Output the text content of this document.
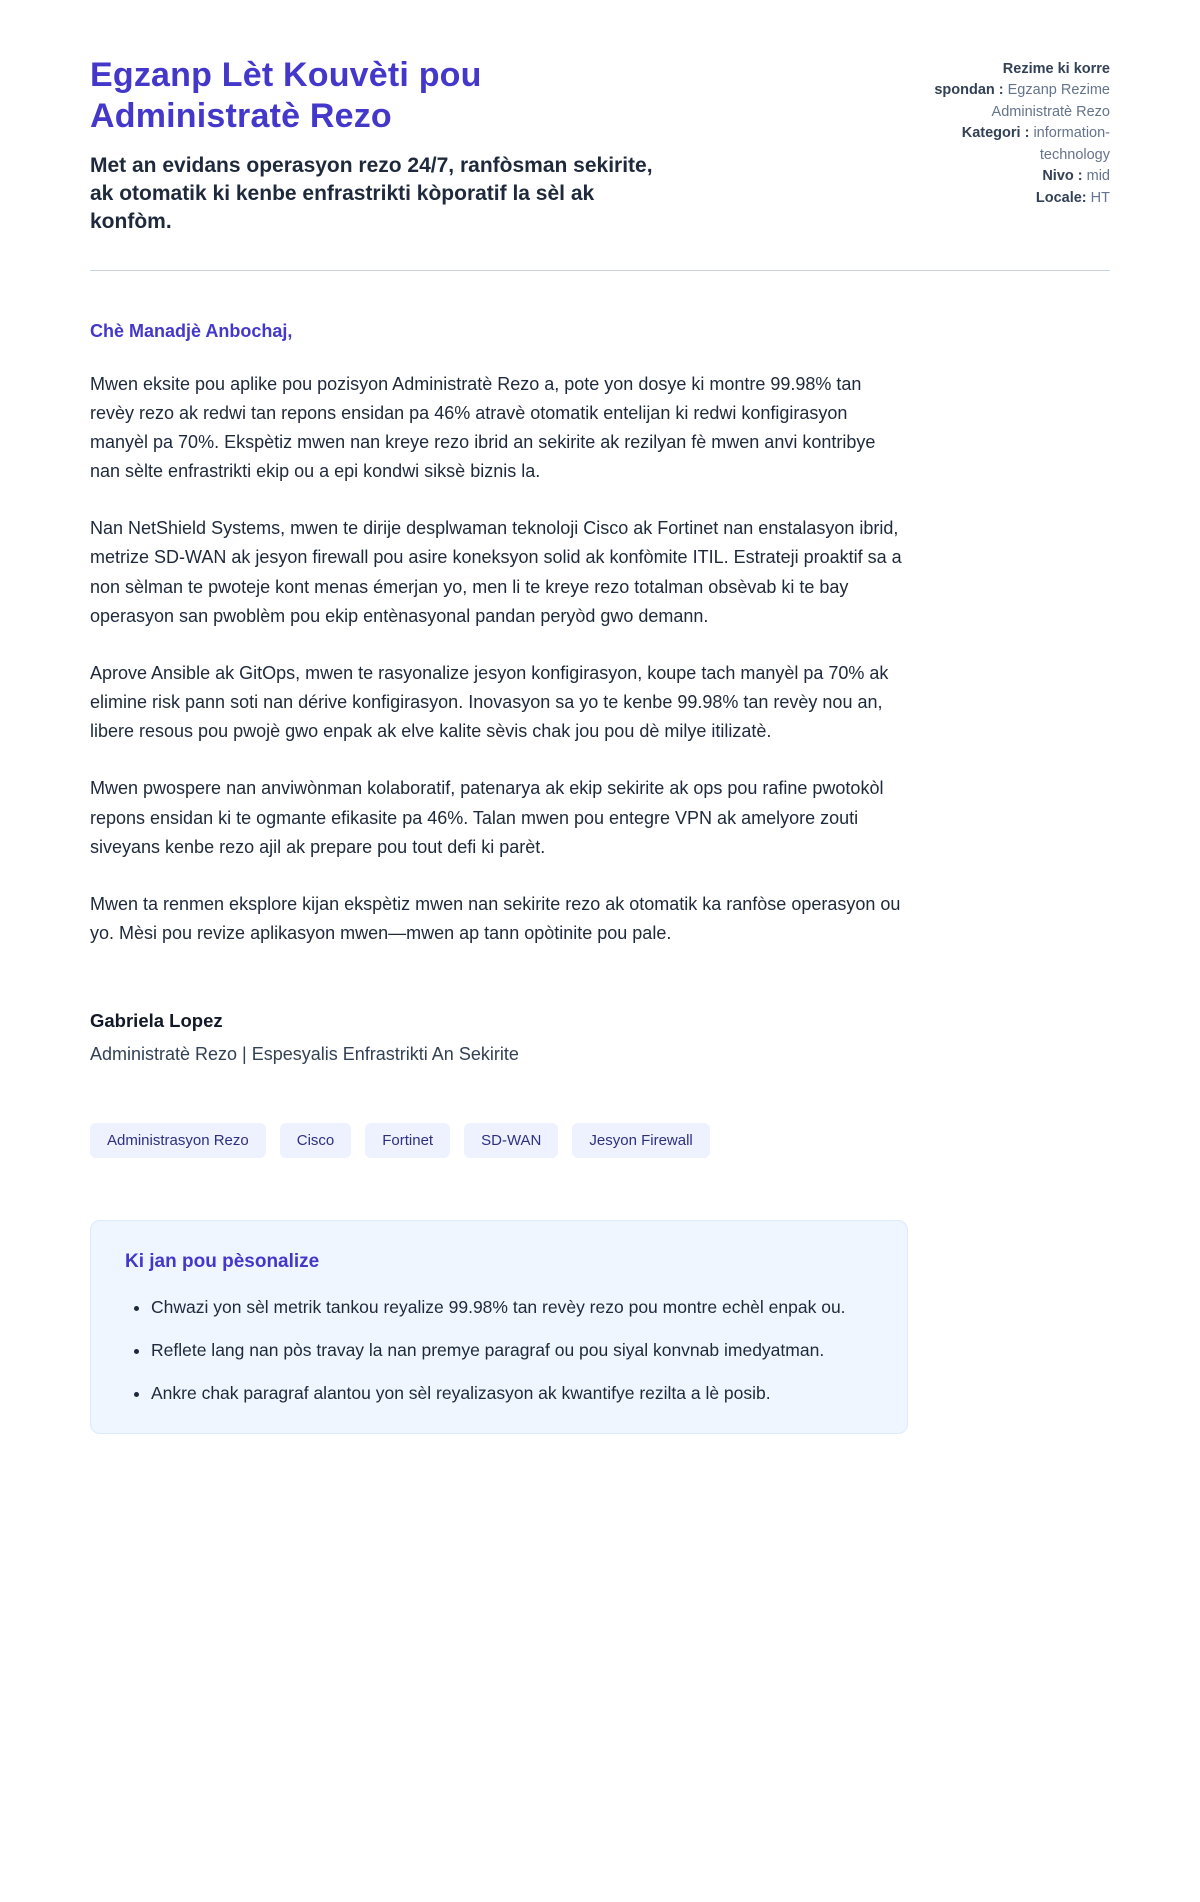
Egzanp Lèt Kouvèti pou Administratè Rezo

Met an evidans operasyon rezo 24/7, ranfòsman sekirite, ak otomatik ki kenbe enfrastrikti kòporatif la sèl ak konfòm.

Rezime ki korre
spondan : Egzanp Rezime
Administratè Rezo
Kategori : information-
technology
Nivo : mid
Locale: HT

Chè Manadjè Anbochaj,

Mwen eksite pou aplike pou pozisyon Administratè Rezo a, pote yon dosye ki montre 99.98% tan revèy rezo ak redwi tan repons ensidan pa 46% atravè otomatik entelijan ki redwi konfigirasyon manyèl pa 70%. Ekspètiz mwen nan kreye rezo ibrid an sekirite ak rezilyan fè mwen anvi kontribye nan sèlte enfrastrikti ekip ou a epi kondwi siksè biznis la.

Nan NetShield Systems, mwen te dirije desplwaman teknoloji Cisco ak Fortinet nan enstalasyon ibrid, metrize SD-WAN ak jesyon firewall pou asire koneksyon solid ak konfòmite ITIL. Estrateji proaktif sa a non sèlman te pwoteje kont menas émerjan yo, men li te kreye rezo totalman obsèvab ki te bay operasyon san pwoblèm pou ekip entènasyonal pandan peryòd gwo demann.

Aprove Ansible ak GitOps, mwen te rasyonalize jesyon konfigirasyon, koupe tach manyèl pa 70% ak elimine risk pann soti nan dérive konfigirasyon. Inovasyon sa yo te kenbe 99.98% tan revèy nou an, libere resous pou pwojè gwo enpak ak elve kalite sèvis chak jou pou dè milye itilizatè.

Mwen pwospere nan anviwònman kolaboratif, patenarya ak ekip sekirite ak ops pou rafine pwotokòl repons ensidan ki te ogmante efikasite pa 46%. Talan mwen pou entegre VPN ak amelyore zouti siveyans kenbe rezo ajil ak prepare pou tout defi ki parèt.

Mwen ta renmen eksplore kijan ekspètiz mwen nan sekirite rezo ak otomatik ka ranfòse operasyon ou yo. Mèsi pou revize aplikasyon mwen—mwen ap tann opòtinite pou pale.

Gabriela Lopez

Administratè Rezo | Espesyalis Enfrastrikti An Sekirite

Administrasyon Rezo	Cisco	Fortinet	SD-WAN	Jesyon Firewall
Ki jan pou pèsonalize
• Chwazi yon sèl metrik tankou reyalize 99.98% tan revèy rezo pou montre echèl enpak ou.
• Reflete lang nan pòs travay la nan premye paragraf ou pou siyal konvnab imedyatman.
• Ankre chak paragraf alantou yon sèl reyalizasyon ak kwantifye rezilta a lè posib.
